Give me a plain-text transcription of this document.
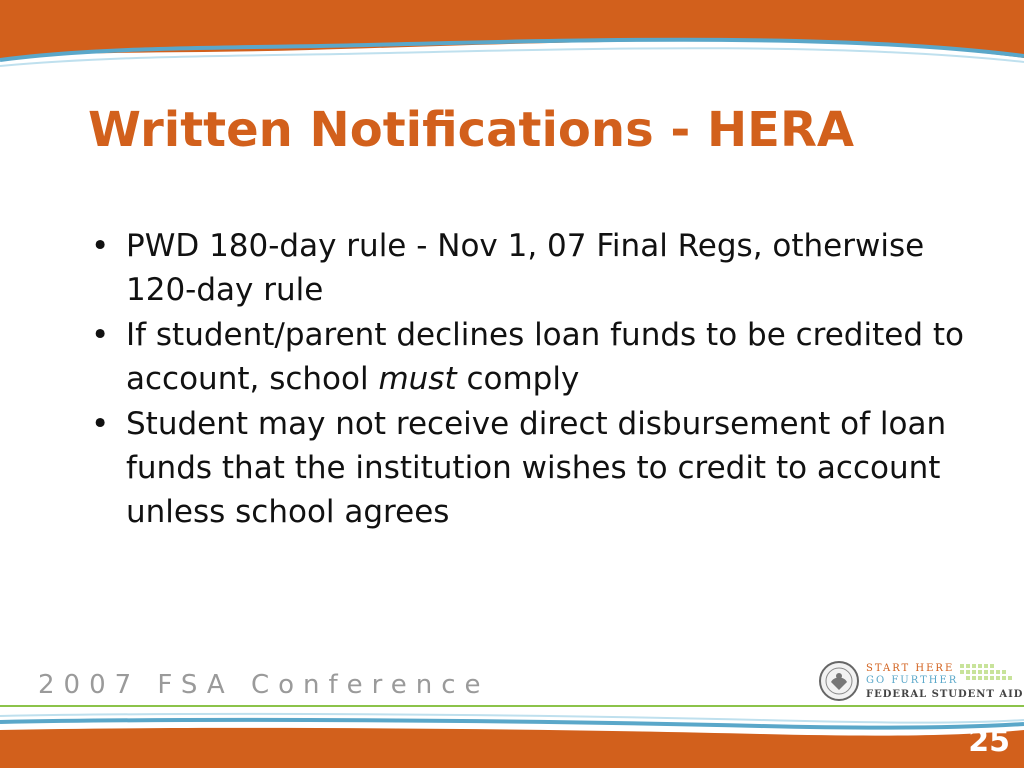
Written Notifications - HERA
• PWD 180-day rule - Nov 1, 07 Final Regs, otherwise 120-day rule
• If student/parent declines loan funds to be credited to account, school must comply
• Student may not receive direct disbursement of loan funds that the institution wishes to credit to account unless school agrees
2007 FSA Conference
START HERE
GO FURTHER
FEDERAL STUDENT AID
25
